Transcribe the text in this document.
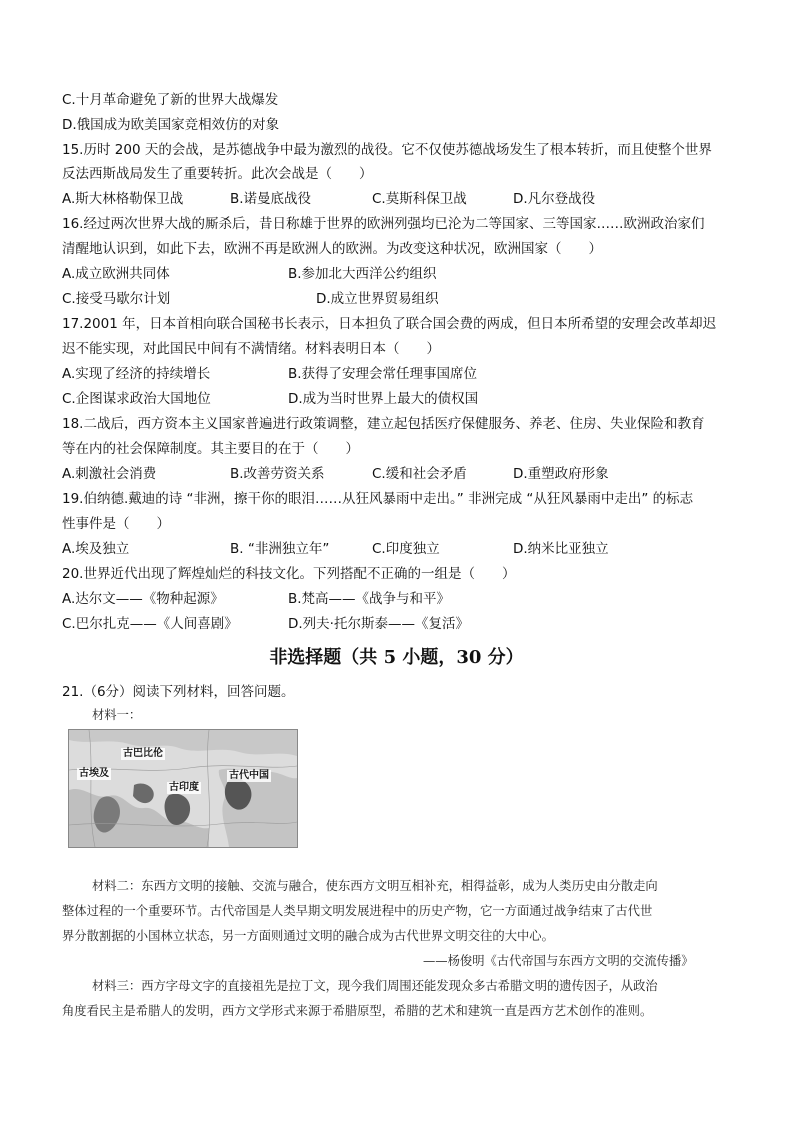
C.十月革命避免了新的世界大战爆发
D.俄国成为欧美国家竞相效仿的对象
15.历时 200 天的会战，是苏德战争中最为激烈的战役。它不仅使苏德战场发生了根本转折，而且使整个世界
反法西斯战局发生了重要转折。此次会战是（　　）
A.斯大林格勒保卫战	B.诺曼底战役	C.莫斯科保卫战	D.凡尔登战役
16.经过两次世界大战的厮杀后，昔日称雄于世界的欧洲列强均已沦为二等国家、三等国家……欧洲政治家们
清醒地认识到，如此下去，欧洲不再是欧洲人的欧洲。为改变这种状况，欧洲国家（　　）
A.成立欧洲共同体	B.参加北大西洋公约组织
C.接受马歇尔计划	D.成立世界贸易组织
17.2001 年，日本首相向联合国秘书长表示，日本担负了联合国会费的两成，但日本所希望的安理会改革却迟
迟不能实现，对此国民中间有不满情绪。材料表明日本（　　）
A.实现了经济的持续增长	B.获得了安理会常任理事国席位
C.企图谋求政治大国地位	D.成为当时世界上最大的债权国
18.二战后，西方资本主义国家普遍进行政策调整，建立起包括医疗保健服务、养老、住房、失业保险和教育
等在内的社会保障制度。其主要目的在于（　　）
A.刺激社会消费	B.改善劳资关系	C.缓和社会矛盾	D.重塑政府形象
19.伯纳德.戴迪的诗 “非洲，擦干你的眼泪……从狂风暴雨中走出。” 非洲完成 “从狂风暴雨中走出” 的标志
性事件是（　　）
A.埃及独立	B. “非洲独立年”	C.印度独立	D.纳米比亚独立
20.世界近代出现了辉煌灿烂的科技文化。下列搭配不正确的一组是（　　）
A.达尔文——《物种起源》	B.梵高——《战争与和平》
C.巴尔扎克——《人间喜剧》	D.列夫·托尔斯泰——《复活》
非选择题（共 5 小题，30 分）
21.（6分）阅读下列材料，回答问题。
材料一：
古巴比伦
古埃及
古印度
古代中国
材料二：东西方文明的接触、交流与融合，使东西方文明互相补充，相得益彰，成为人类历史由分散走向
整体过程的一个重要环节。古代帝国是人类早期文明发展进程中的历史产物，它一方面通过战争结束了古代世
界分散割据的小国林立状态，另一方面则通过文明的融合成为古代世界文明交往的大中心。
——杨俊明《古代帝国与东西方文明的交流传播》
材料三：西方字母文字的直接祖先是拉丁文，现今我们周围还能发现众多古希腊文明的遗传因子，从政治
角度看民主是希腊人的发明，西方文学形式来源于希腊原型，希腊的艺术和建筑一直是西方艺术创作的准则。
